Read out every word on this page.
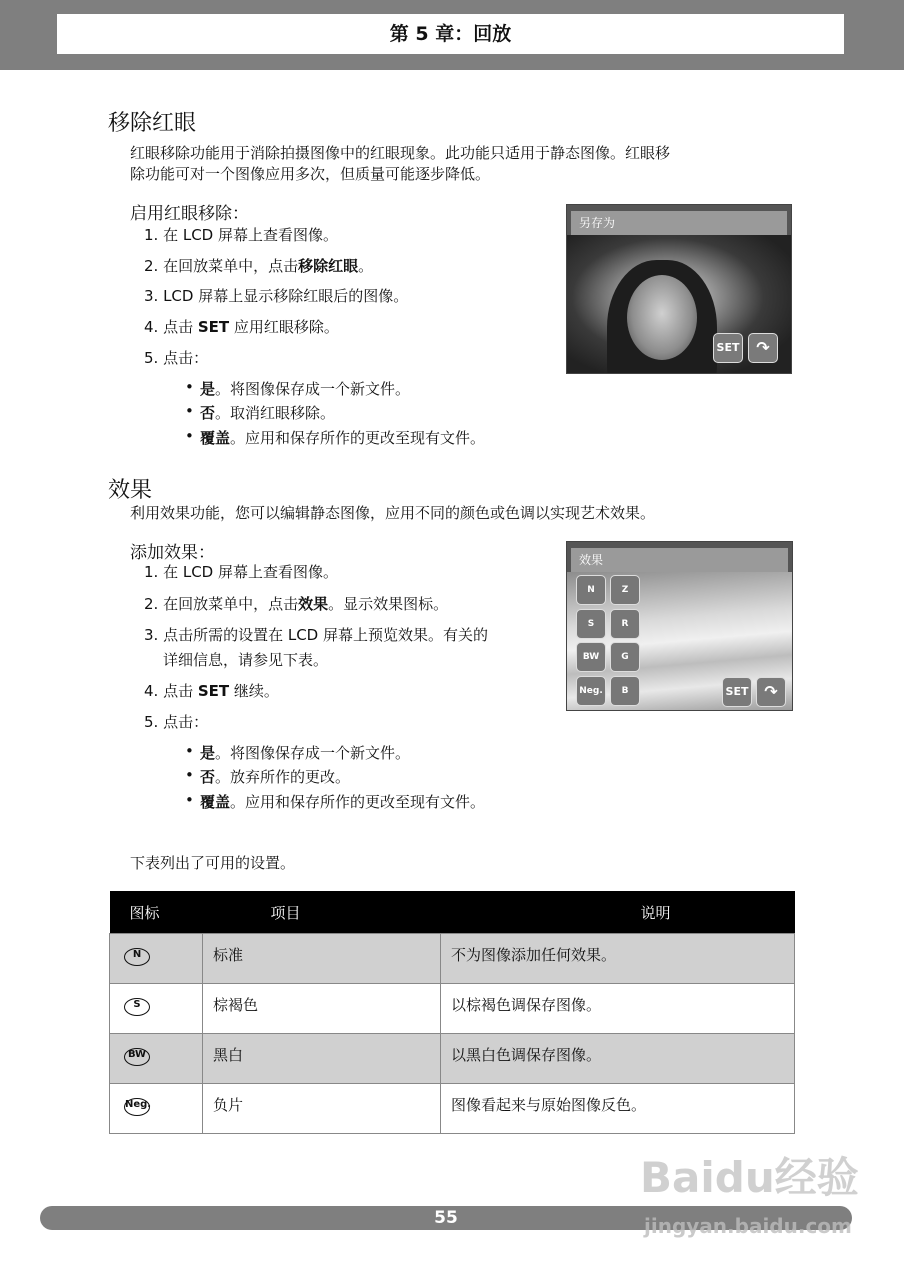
第 5 章：回放
移除红眼
红眼移除功能用于消除拍摄图像中的红眼现象。此功能只适用于静态图像。红眼移
除功能可对一个图像应用多次，但质量可能逐步降低。
启用红眼移除：
1. 在 LCD 屏幕上查看图像。
2. 在回放菜单中，点击移除红眼。
3. LCD 屏幕上显示移除红眼后的图像。
4. 点击 SET 应用红眼移除。
5. 点击：
• 是。将图像保存成一个新文件。
• 否。取消红眼移除。
• 覆盖。应用和保存所作的更改至现有文件。
另存为
SET	↷
效果
利用效果功能，您可以编辑静态图像，应用不同的颜色或色调以实现艺术效果。
添加效果：
1. 在 LCD 屏幕上查看图像。
2. 在回放菜单中，点击效果。显示效果图标。
3. 点击所需的设置在 LCD 屏幕上预览效果。有关的
详细信息，请参见下表。
4. 点击 SET 继续。
5. 点击：
• 是。将图像保存成一个新文件。
• 否。放弃所作的更改。
• 覆盖。应用和保存所作的更改至现有文件。
效果
N
S
BW
Neg.
Z
R
G
B	SET ↷
下表列出了可用的设置。
图标	项目	说明
N	标准	不为图像添加任何效果。

S	棕褐色	以棕褐色调保存图像。

BW	黑白	以黑白色调保存图像。

Neg.	负片	图像看起来与原始图像反色。
55
Baidu经验
jingyan.baidu.com
